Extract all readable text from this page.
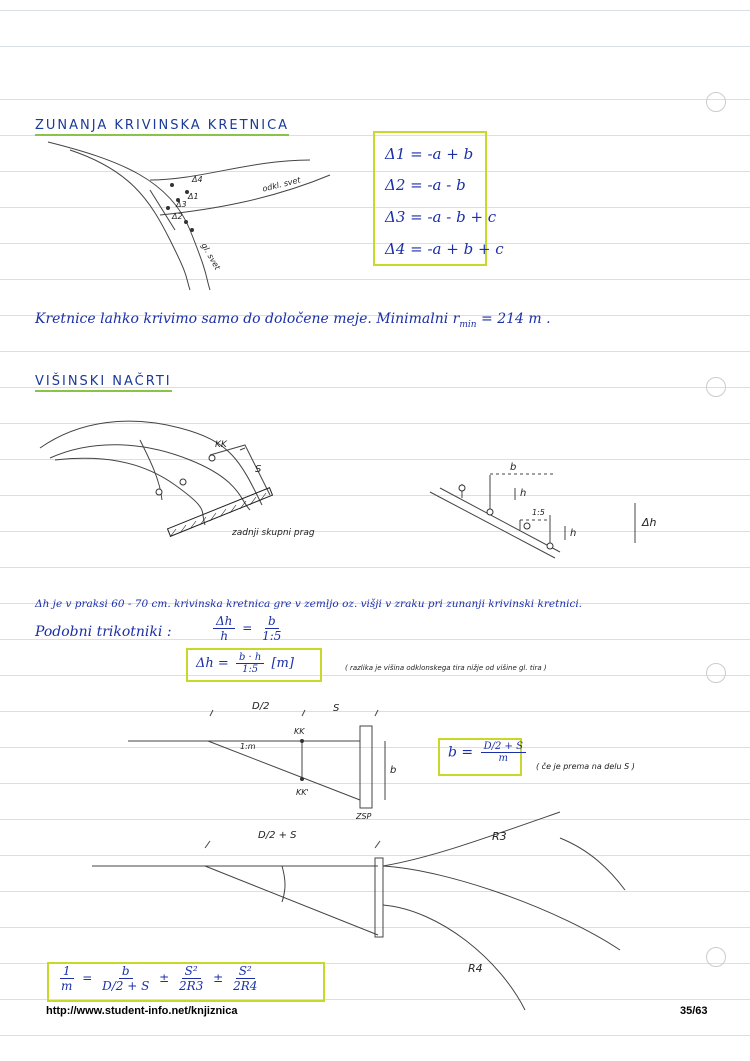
ZUNANJA KRIVINSKA KRETNICA
Δ4
Δ1
Δ3
Δ2
odkl. svet
gl. svet
Δ1 = -a + b
Δ2 = -a - b
Δ3 = -a - b + c
Δ4 = -a + b + c
Kretnice lahko krivimo samo do določene meje. Minimalni $r_{min} = 214$ m .
VIŠINSKI NAČRTI
KK
S
zadnji skupni prag
b
h
1:5
h
Δh
Δh je v praksi 60 - 70 cm. krivinska kretnica gre v zemljo oz. višji v zraku pri zunanji krivinski kretnici.
Podobni trikotniki :	$\frac{\Delta h}{h} = \frac{b}{1:5}$
$\Delta h = \frac{b \cdot h}{1:5} [m]$	( razlika je višina odklonskega tira nižje od višine gl. tira )
D/2	S
KK
1:m
KK'
b
ZSP
$b = \frac{D/2 + S}{m}$
( če je prema na delu S )
D/2 + S	R3
R4
$\frac{1}{m} = \frac{b}{D/2 + S} \pm \frac{\text{S²}}{2R3} \pm \frac{\text{S²}}{2R4}$
http://www.student-info.net/knjiznica	35/63
